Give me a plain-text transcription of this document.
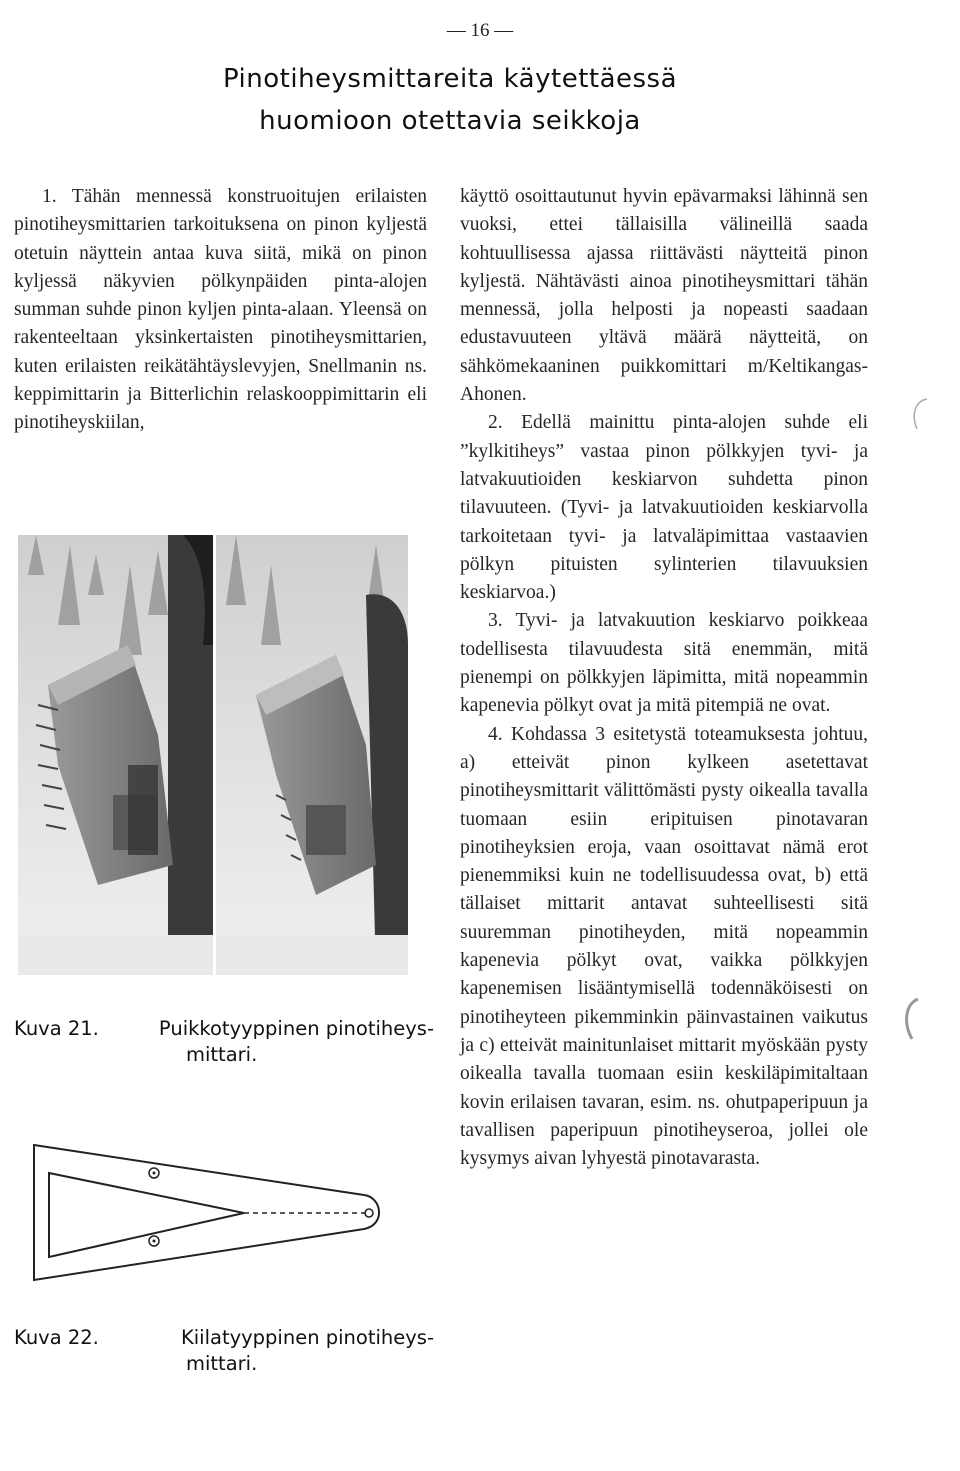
— 16 —
Pinotiheysmittareita käytettäessä
huomioon otettavia seikkoja

1. Tähän mennessä konstruoitujen erilaisten pinotiheysmittarien tarkoituksena on pinon kyljestä otetuin näyttein antaa kuva siitä, mikä on pinon kyljessä näkyvien pölkynpäiden pinta-alojen summan suhde pinon kyljen pinta-alaan. Yleensä on rakenteeltaan yksinkertaisten pinotiheysmittarien, kuten erilaisten reikätähtäyslevyjen, Snellmanin ns. keppimittarin ja Bitterlichin relaskooppimittarin eli pinotiheyskiilan,

Kuva 21.	Puikkotyyppinen pinotiheys-
mittari.
Kuva 22.	Kiilatyyppinen pinotiheys-
mittari.

käyttö osoittautunut hyvin epävarmaksi lähinnä sen vuoksi, ettei tällaisilla välineillä saada kohtuullisessa ajassa riittävästi näytteitä pinon kyljestä. Nähtävästi ainoa pinotiheysmittari tähän mennessä, jolla helposti ja nopeasti saadaan edustavuuteen yltävä määrä näytteitä, on sähkömekaaninen puikkomittari m/Keltikangas-Ahonen.

2. Edellä mainittu pinta-alojen suhde eli ”kylkitiheys” vastaa pinon pölkkyjen tyvi- ja latvakuutioiden keskiarvon suhdetta pinon tilavuuteen. (Tyvi- ja latvakuutioiden keskiarvolla tarkoitetaan tyvi- ja latvaläpimittaa vastaavien pölkyn pituisten sylinterien tilavuuksien keskiarvoa.)

3. Tyvi- ja latvakuution keskiarvo poikkeaa todellisesta tilavuudesta sitä enemmän, mitä pienempi on pölkkyjen läpimitta, mitä nopeammin kapenevia pölkyt ovat ja mitä pitempiä ne ovat.

4. Kohdassa 3 esitetystä toteamuksesta johtuu, a) etteivät pinon kylkeen asetettavat pinotiheysmittarit välittömästi pysty oikealla tavalla tuomaan esiin eripituisen pinotavaran pinotiheyksien eroja, vaan osoittavat nämä erot pienemmiksi kuin ne todellisuudessa ovat, b) että tällaiset mittarit antavat suhteellisesti sitä suuremman pinotiheyden, mitä nopeammin kapenevia pölkyt ovat, vaikka pölkkyjen kapenemisen lisääntymisellä todennäköisesti on pinotiheyteen pikemminkin päinvastainen vaikutus ja c) etteivät mainitunlaiset mittarit myöskään pysty oikealla tavalla tuomaan esiin keskiläpimitaltaan kovin erilaisen tavaran, esim. ns. ohutpaperipuun ja tavallisen paperipuun pinotiheyseroa, jollei ole kysymys aivan lyhyestä pinotavarasta.
